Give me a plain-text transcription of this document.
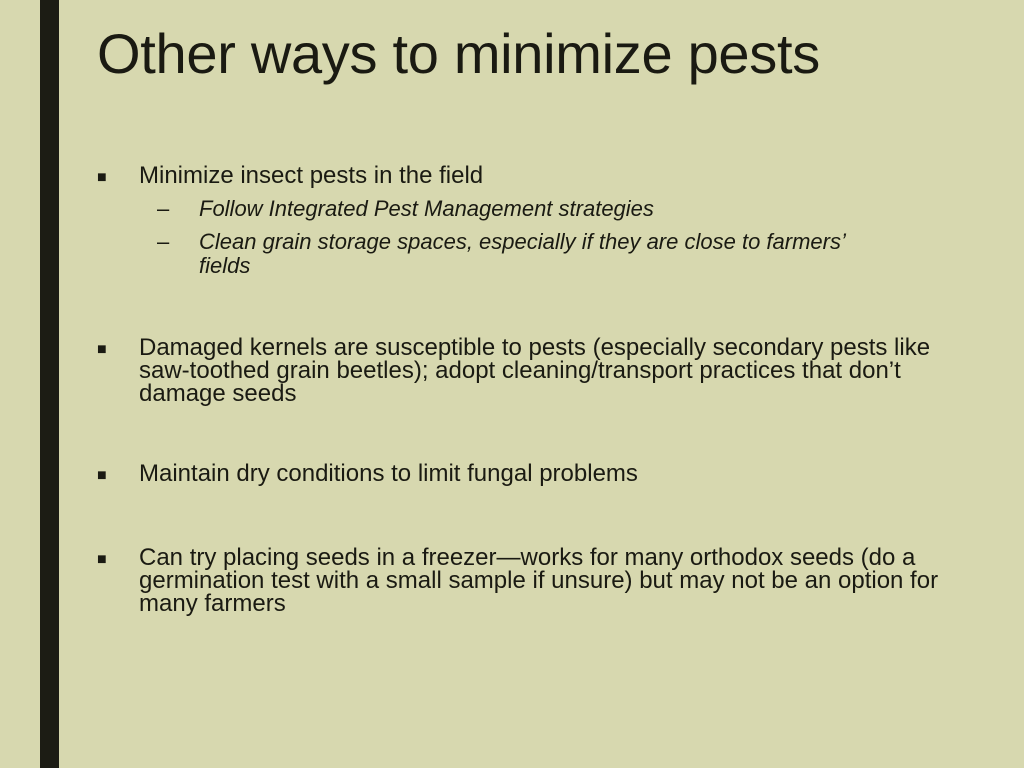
Other ways to minimize pests
■	Minimize insect pests in the field
– Follow Integrated Pest Management strategies
– Clean grain storage spaces, especially if they are close to farmers’ fields
■	Damaged kernels are susceptible to pests (especially secondary pests like saw-toothed grain beetles); adopt cleaning/transport practices that don’t damage seeds
■	Maintain dry conditions to limit fungal problems
■	Can try placing seeds in a freezer—works for many orthodox seeds (do a germination test with a small sample if unsure) but may not be an option for many farmers
